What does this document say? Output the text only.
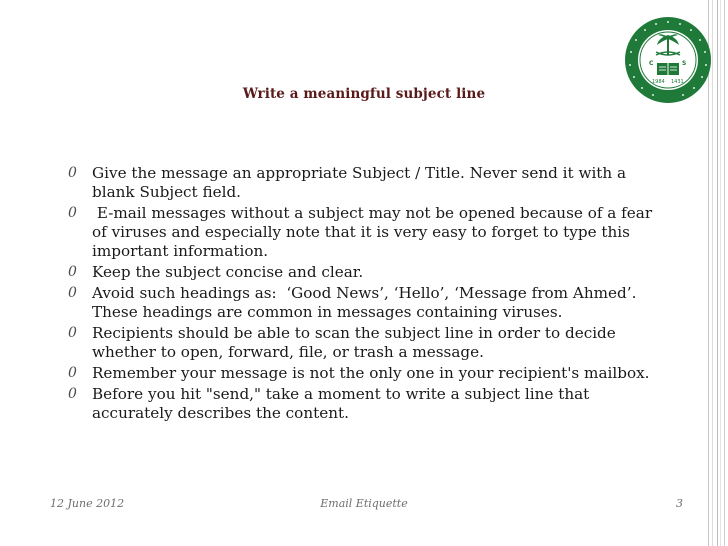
C	S
1984 1431
Write a meaningful subject line
0 Give the message an appropriate Subject / Title. Never send it with a blank Subject field.
0 E-mail messages without a subject may not be opened because of a fear of viruses and especially note that it is very easy to forget to type this important information.
0 Keep the subject concise and clear.
0 Avoid such headings as:  ‘Good News’, ‘Hello’, ‘Message from Ahmed’. These headings are common in messages containing viruses.
0 Recipients should be able to scan the subject line in order to decide whether to open, forward, file, or trash a message.
0 Remember your message is not the only one in your recipient's mailbox.
0 Before you hit "send," take a moment to write a subject line that accurately describes the content.
12 June 2012	Email Etiquette	3
